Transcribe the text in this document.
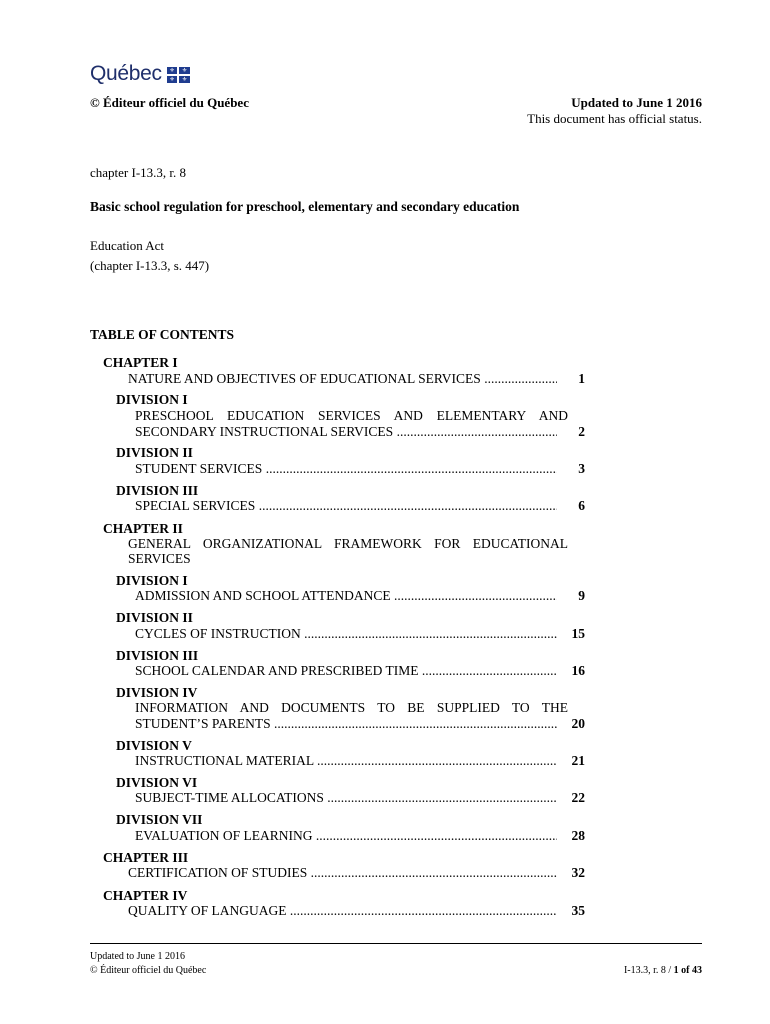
Québec	⚜	⚜
⚜	⚜
© Éditeur officiel du Québec	Updated to June 1 2016
This document has official status.
chapter I-13.3, r. 8
Basic school regulation for preschool, elementary and secondary education
Education Act
(chapter I-13.3, s. 447)
TABLE OF CONTENTS
CHAPTER I
NATURE AND OBJECTIVES OF EDUCATIONAL SERVICES .....	1
DIVISION I
PRESCHOOL EDUCATION SERVICES AND ELEMENTARY AND
SECONDARY INSTRUCTIONAL SERVICES .....	2
DIVISION II
STUDENT SERVICES .....	3
DIVISION III
SPECIAL SERVICES .....	6
CHAPTER II
GENERAL ORGANIZATIONAL FRAMEWORK FOR EDUCATIONAL
SERVICES
DIVISION I
ADMISSION AND SCHOOL ATTENDANCE .....	9
DIVISION II
CYCLES OF INSTRUCTION .....	15
DIVISION III
SCHOOL CALENDAR AND PRESCRIBED TIME .....	16
DIVISION IV
INFORMATION AND DOCUMENTS TO BE SUPPLIED TO THE
STUDENT’S PARENTS .....	20
DIVISION V
INSTRUCTIONAL MATERIAL .....	21
DIVISION VI
SUBJECT-TIME ALLOCATIONS .....	22
DIVISION VII
EVALUATION OF LEARNING .....	28
CHAPTER III
CERTIFICATION OF STUDIES .....	32
CHAPTER IV
QUALITY OF LANGUAGE .....	35
Updated to June 1 2016
© Éditeur officiel du Québec	I-13.3, r. 8 / 1 of 43
